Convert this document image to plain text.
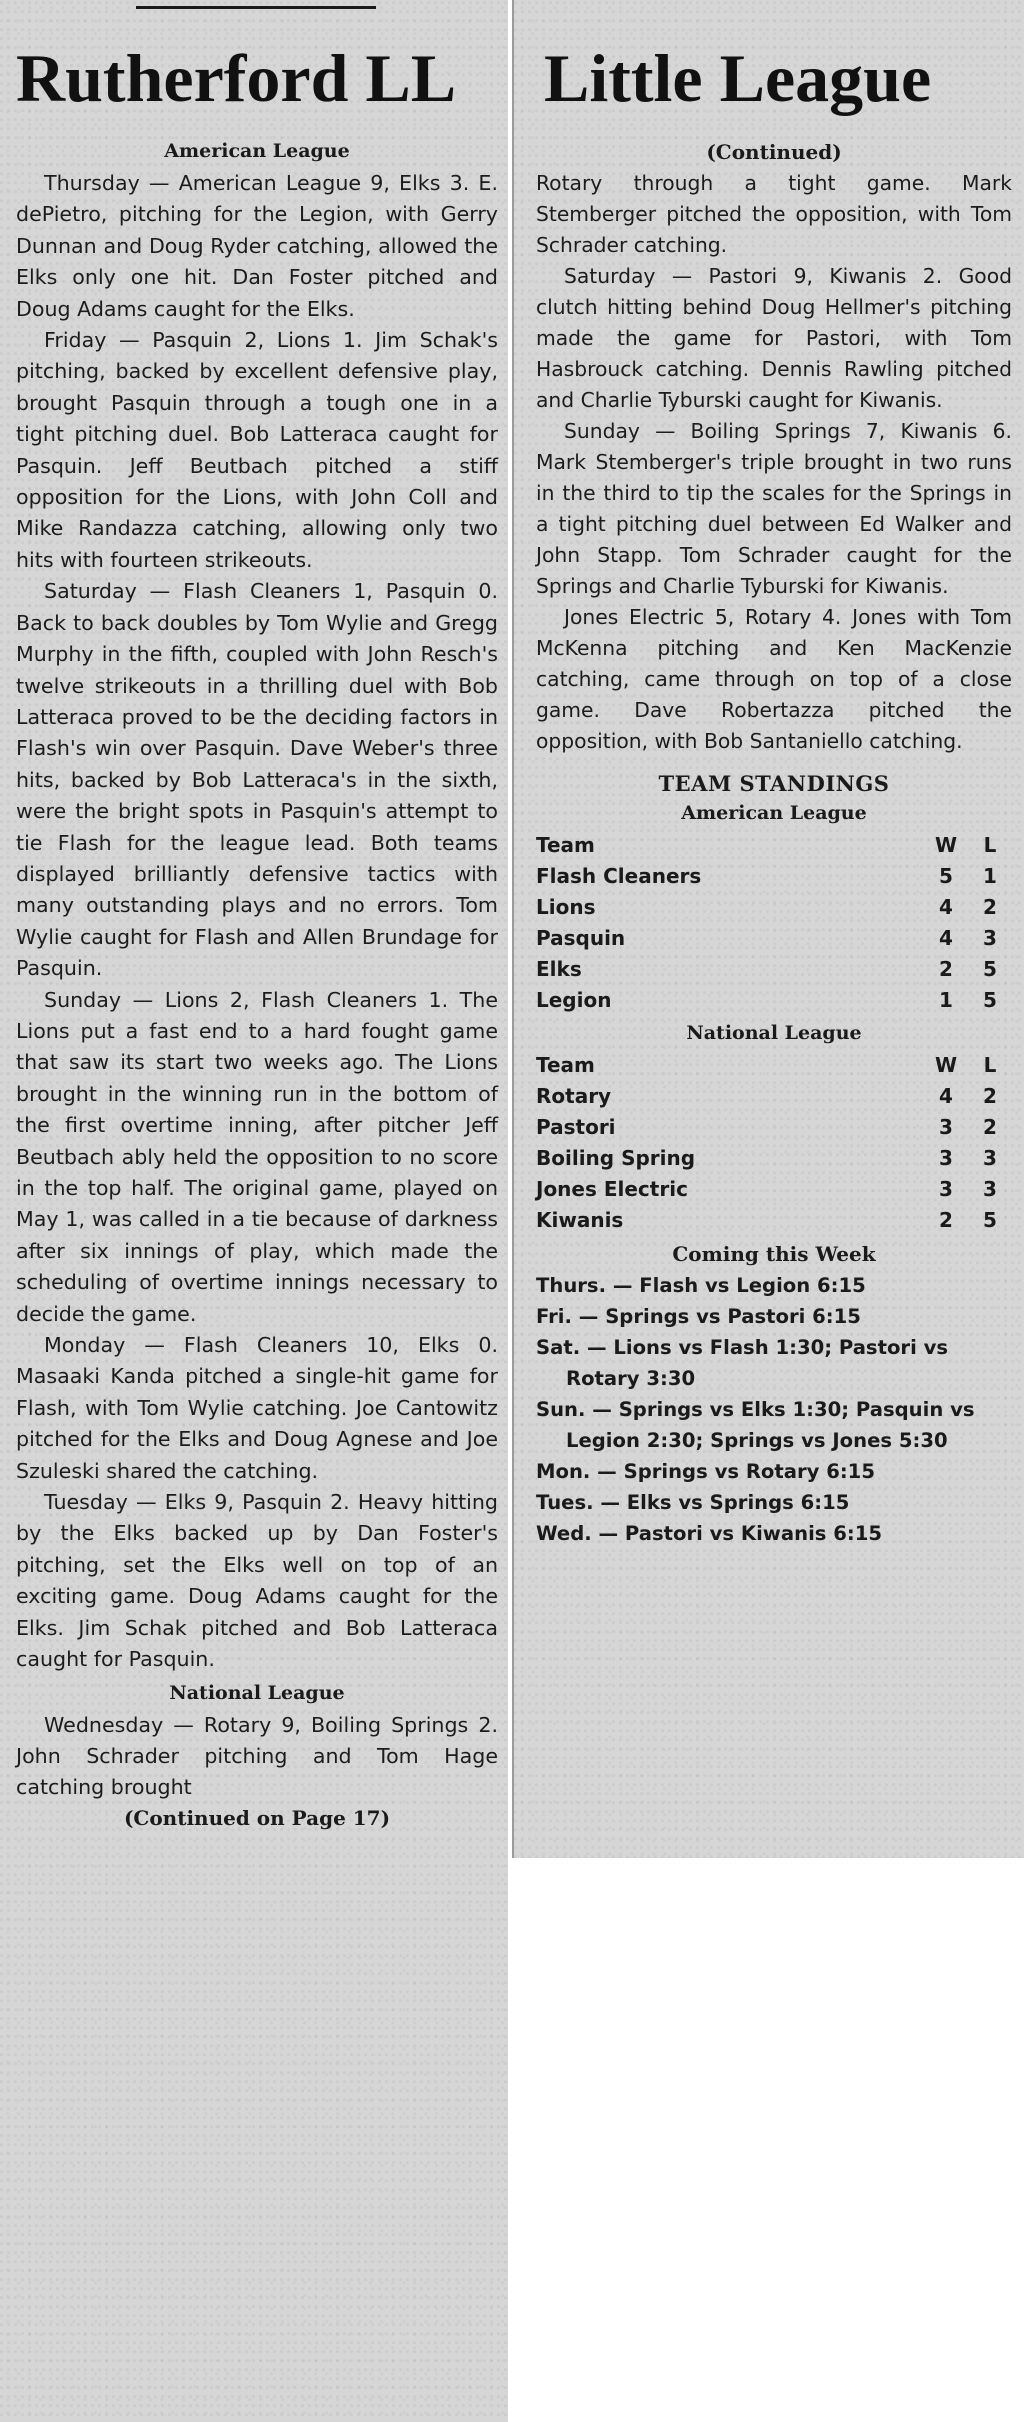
Rutherford LL
American League

Thursday — American League 9, Elks 3. E. dePietro, pitching for the Legion, with Gerry Dunnan and Doug Ryder catching, allowed the Elks only one hit. Dan Foster pitched and Doug Adams caught for the Elks.

Friday — Pasquin 2, Lions 1. Jim Schak's pitching, backed by excellent defensive play, brought Pasquin through a tough one in a tight pitching duel. Bob Latteraca caught for Pasquin. Jeff Beutbach pitched a stiff opposition for the Lions, with John Coll and Mike Randazza catching, allowing only two hits with fourteen strikeouts.

Saturday — Flash Cleaners 1, Pasquin 0. Back to back doubles by Tom Wylie and Gregg Murphy in the fifth, coupled with John Resch's twelve strikeouts in a thrilling duel with Bob Latteraca proved to be the deciding factors in Flash's win over Pasquin. Dave Weber's three hits, backed by Bob Latteraca's in the sixth, were the bright spots in Pasquin's attempt to tie Flash for the league lead. Both teams displayed brilliantly defensive tactics with many outstanding plays and no errors. Tom Wylie caught for Flash and Allen Brundage for Pasquin.

Sunday — Lions 2, Flash Cleaners 1. The Lions put a fast end to a hard fought game that saw its start two weeks ago. The Lions brought in the winning run in the bottom of the first overtime inning, after pitcher Jeff Beutbach ably held the opposition to no score in the top half. The original game, played on May 1, was called in a tie because of darkness after six innings of play, which made the scheduling of overtime innings necessary to decide the game.

Monday — Flash Cleaners 10, Elks 0. Masaaki Kanda pitched a single-hit game for Flash, with Tom Wylie catching. Joe Cantowitz pitched for the Elks and Doug Agnese and Joe Szuleski shared the catching.

Tuesday — Elks 9, Pasquin 2. Heavy hitting by the Elks backed up by Dan Foster's pitching, set the Elks well on top of an exciting game. Doug Adams caught for the Elks. Jim Schak pitched and Bob Latteraca caught for Pasquin.

National League

Wednesday — Rotary 9, Boiling Springs 2. John Schrader pitching and Tom Hage catching brought

(Continued on Page 17)
Little League
(Continued)

Rotary through a tight game. Mark Stemberger pitched the opposition, with Tom Schrader catching.

Saturday — Pastori 9, Kiwanis 2. Good clutch hitting behind Doug Hellmer's pitching made the game for Pastori, with Tom Hasbrouck catching. Dennis Rawling pitched and Charlie Tyburski caught for Kiwanis.

Sunday — Boiling Springs 7, Kiwanis 6. Mark Stemberger's triple brought in two runs in the third to tip the scales for the Springs in a tight pitching duel between Ed Walker and John Stapp. Tom Schrader caught for the Springs and Charlie Tyburski for Kiwanis.

Jones Electric 5, Rotary 4. Jones with Tom McKenna pitching and Ken MacKenzie catching, came through on top of a close game. Dave Robertazza pitched the opposition, with Bob Santaniello catching.

TEAM STANDINGS
American League
Team	W	L
Flash Cleaners	5	1
Lions	4	2
Pasquin	4	3
Elks	2	5
Legion	1	5
National League
Team	W	L
Rotary	4	2
Pastori	3	2
Boiling Spring	3	3
Jones Electric	3	3
Kiwanis	2	5
Coming this Week

Thurs. — Flash vs Legion 6:15

Fri. — Springs vs Pastori 6:15

Sat. — Lions vs Flash 1:30; Pastori vs Rotary 3:30

Sun. — Springs vs Elks 1:30; Pasquin vs Legion 2:30; Springs vs Jones 5:30

Mon. — Springs vs Rotary 6:15

Tues. — Elks vs Springs 6:15

Wed. — Pastori vs Kiwanis 6:15
